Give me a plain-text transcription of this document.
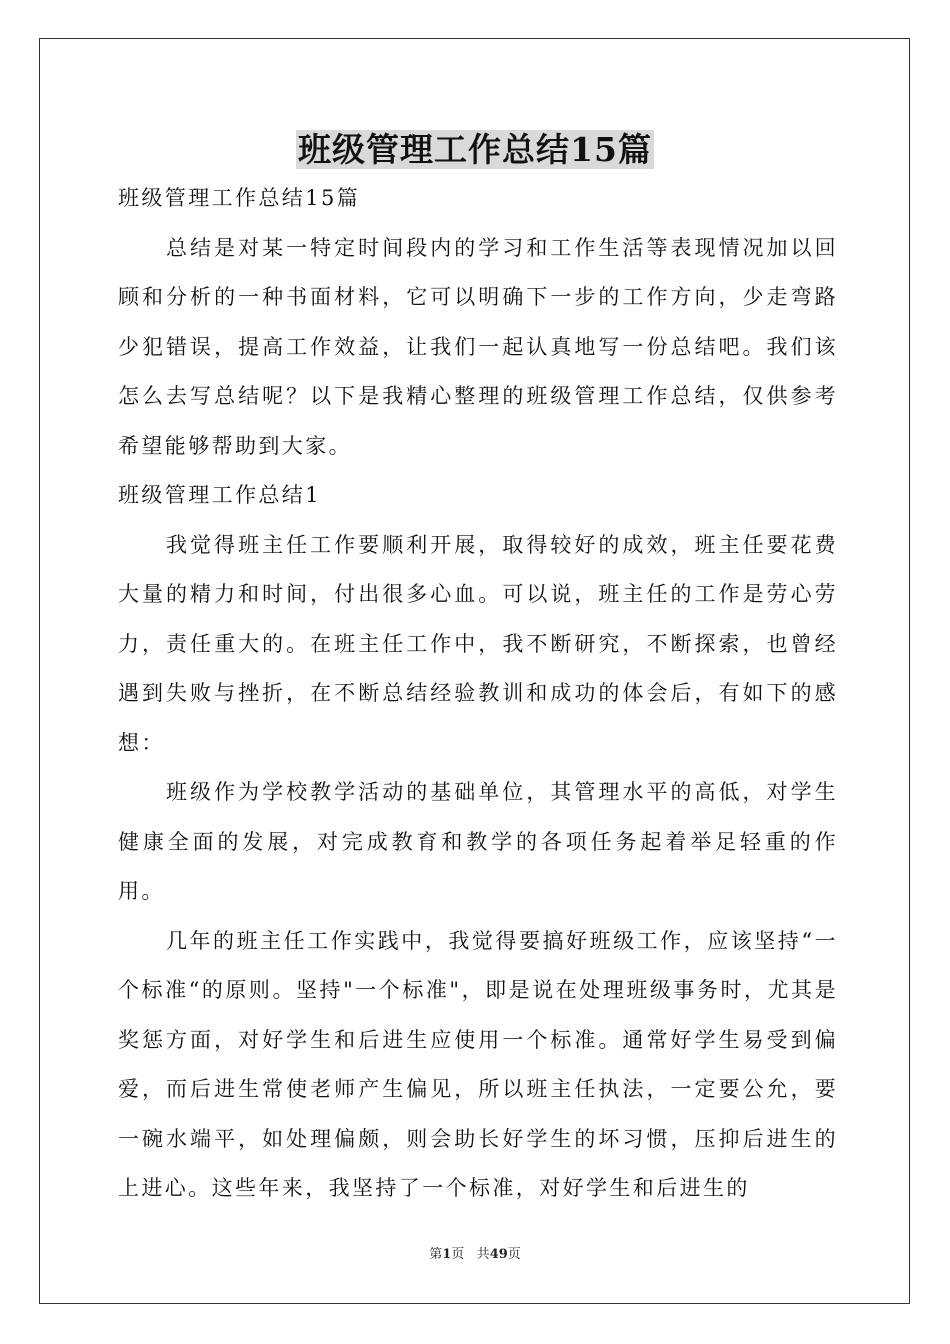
班级管理工作总结15篇

班级管理工作总结15篇

总结是对某一特定时间段内的学习和工作生活等表现情况加以回顾和分析的一种书面材料，它可以明确下一步的工作方向，少走弯路少犯错误，提高工作效益，让我们一起认真地写一份总结吧。我们该怎么去写总结呢？以下是我精心整理的班级管理工作总结，仅供参考希望能够帮助到大家。

班级管理工作总结1

我觉得班主任工作要顺利开展，取得较好的成效，班主任要花费大量的精力和时间，付出很多心血。可以说，班主任的工作是劳心劳力，责任重大的。在班主任工作中，我不断研究，不断探索，也曾经遇到失败与挫折，在不断总结经验教训和成功的体会后，有如下的感想：

班级作为学校教学活动的基础单位，其管理水平的高低，对学生健康全面的发展，对完成教育和教学的各项任务起着举足轻重的作用。

几年的班主任工作实践中，我觉得要搞好班级工作，应该坚持“一个标准“的原则。坚持"一个标准"，即是说在处理班级事务时，尤其是奖惩方面，对好学生和后进生应使用一个标准。通常好学生易受到偏爱，而后进生常使老师产生偏见，所以班主任执法，一定要公允，要一碗水端平，如处理偏颇，则会助长好学生的坏习惯，压抑后进生的上进心。这些年来，我坚持了一个标准，对好学生和后进生的

第1页 共49页
